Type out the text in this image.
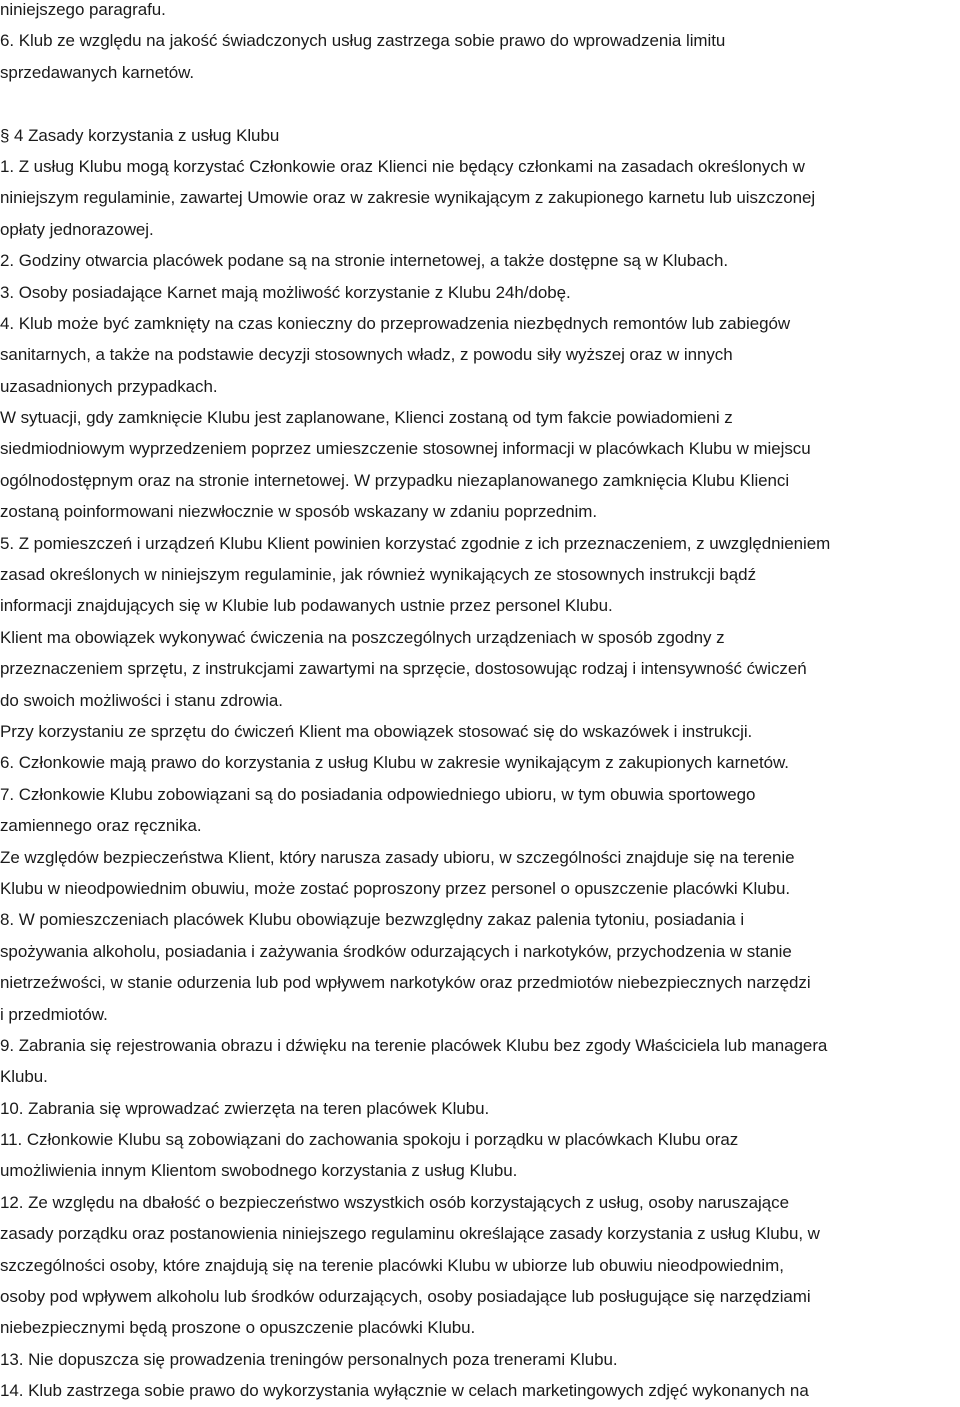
niniejszego paragrafu.
6. Klub ze względu na jakość świadczonych usług zastrzega sobie prawo do wprowadzenia limitu
sprzedawanych karnetów.
§ 4 Zasady korzystania z usług Klubu
1. Z usług Klubu mogą korzystać Członkowie oraz Klienci nie będący członkami na zasadach określonych w
niniejszym regulaminie, zawartej Umowie oraz w zakresie wynikającym z zakupionego karnetu lub uiszczonej
opłaty jednorazowej.
2. Godziny otwarcia placówek podane są na stronie internetowej, a także dostępne są w Klubach.
3. Osoby posiadające Karnet mają możliwość korzystanie z Klubu 24h/dobę.
4. Klub może być zamknięty na czas konieczny do przeprowadzenia niezbędnych remontów lub zabiegów
sanitarnych, a także na podstawie decyzji stosownych władz, z powodu siły wyższej oraz w innych
uzasadnionych przypadkach.
W sytuacji, gdy zamknięcie Klubu jest zaplanowane, Klienci zostaną od tym fakcie powiadomieni z
siedmiodniowym wyprzedzeniem poprzez umieszczenie stosownej informacji w placówkach Klubu w miejscu
ogólnodostępnym oraz na stronie internetowej. W przypadku niezaplanowanego zamknięcia Klubu Klienci
zostaną poinformowani niezwłocznie w sposób wskazany w zdaniu poprzednim.
5. Z pomieszczeń i urządzeń Klubu Klient powinien korzystać zgodnie z ich przeznaczeniem, z uwzględnieniem
zasad określonych w niniejszym regulaminie, jak również wynikających ze stosownych instrukcji bądź
informacji znajdujących się w Klubie lub podawanych ustnie przez personel Klubu.
Klient ma obowiązek wykonywać ćwiczenia na poszczególnych urządzeniach w sposób zgodny z
przeznaczeniem sprzętu, z instrukcjami zawartymi na sprzęcie, dostosowując rodzaj i intensywność ćwiczeń
do swoich możliwości i stanu zdrowia.
Przy korzystaniu ze sprzętu do ćwiczeń Klient ma obowiązek stosować się do wskazówek i instrukcji.
6. Członkowie mają prawo do korzystania z usług Klubu w zakresie wynikającym z zakupionych karnetów.
7. Członkowie Klubu zobowiązani są do posiadania odpowiedniego ubioru, w tym obuwia sportowego
zamiennego oraz ręcznika.
Ze względów bezpieczeństwa Klient, który narusza zasady ubioru, w szczególności znajduje się na terenie
Klubu w nieodpowiednim obuwiu, może zostać poproszony przez personel o opuszczenie placówki Klubu.
8. W pomieszczeniach placówek Klubu obowiązuje bezwzględny zakaz palenia tytoniu, posiadania i
spożywania alkoholu, posiadania i zażywania środków odurzających i narkotyków, przychodzenia w stanie
nietrzeźwości, w stanie odurzenia lub pod wpływem narkotyków oraz przedmiotów niebezpiecznych narzędzi
i przedmiotów.
9. Zabrania się rejestrowania obrazu i dźwięku na terenie placówek Klubu bez zgody Właściciela lub managera
Klubu.
10. Zabrania się wprowadzać zwierzęta na teren placówek Klubu.
11. Członkowie Klubu są zobowiązani do zachowania spokoju i porządku w placówkach Klubu oraz
umożliwienia innym Klientom swobodnego korzystania z usług Klubu.
12. Ze względu na dbałość o bezpieczeństwo wszystkich osób korzystających z usług, osoby naruszające
zasady porządku oraz postanowienia niniejszego regulaminu określające zasady korzystania z usług Klubu, w
szczególności osoby, które znajdują się na terenie placówki Klubu w ubiorze lub obuwiu nieodpowiednim,
osoby pod wpływem alkoholu lub środków odurzających, osoby posiadające lub posługujące się narzędziami
niebezpiecznymi będą proszone o opuszczenie placówki Klubu.
13. Nie dopuszcza się prowadzenia treningów personalnych poza trenerami Klubu.
14. Klub zastrzega sobie prawo do wykorzystania wyłącznie w celach marketingowych zdjęć wykonanych na
